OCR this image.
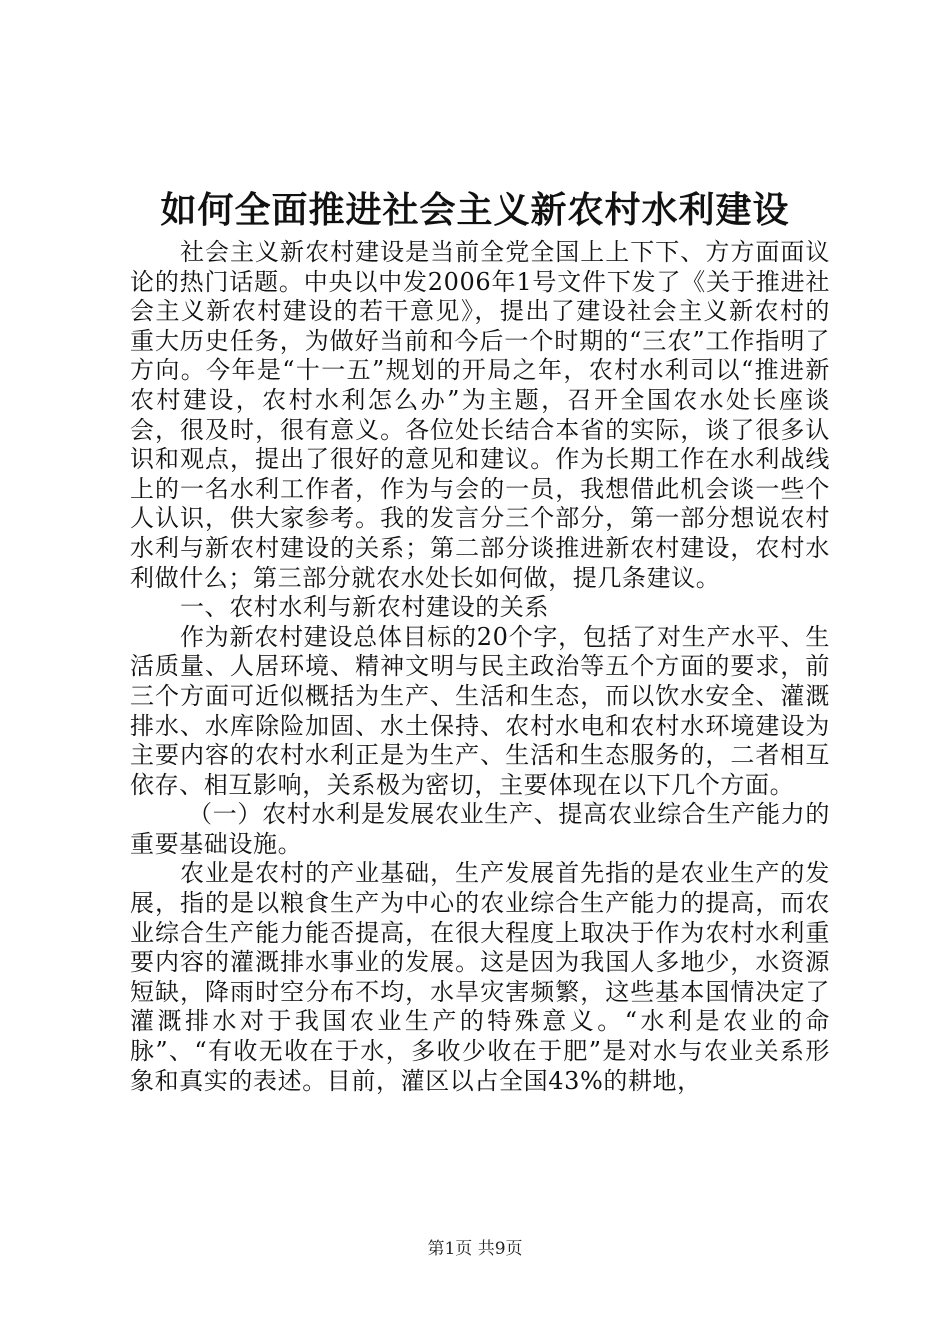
如何全面推进社会主义新农村水利建设

社会主义新农村建设是当前全党全国上上下下、方方面面议论的热门话题。中央以中发2006年1号文件下发了《关于推进社会主义新农村建设的若干意见》，提出了建设社会主义新农村的重大历史任务，为做好当前和今后一个时期的“三农”工作指明了方向。今年是“十一五”规划的开局之年，农村水利司以“推进新农村建设，农村水利怎么办”为主题，召开全国农水处长座谈会，很及时，很有意义。各位处长结合本省的实际，谈了很多认识和观点，提出了很好的意见和建议。作为长期工作在水利战线上的一名水利工作者，作为与会的一员，我想借此机会谈一些个人认识，供大家参考。我的发言分三个部分，第一部分想说农村水利与新农村建设的关系；第二部分谈推进新农村建设，农村水利做什么；第三部分就农水处长如何做，提几条建议。

一、农村水利与新农村建设的关系

作为新农村建设总体目标的20个字，包括了对生产水平、生活质量、人居环境、精神文明与民主政治等五个方面的要求，前三个方面可近似概括为生产、生活和生态，而以饮水安全、灌溉排水、水库除险加固、水土保持、农村水电和农村水环境建设为主要内容的农村水利正是为生产、生活和生态服务的，二者相互依存、相互影响，关系极为密切，主要体现在以下几个方面。

（一）农村水利是发展农业生产、提高农业综合生产能力的重要基础设施。

农业是农村的产业基础，生产发展首先指的是农业生产的发展，指的是以粮食生产为中心的农业综合生产能力的提高，而农业综合生产能力能否提高，在很大程度上取决于作为农村水利重要内容的灌溉排水事业的发展。这是因为我国人多地少，水资源短缺，降雨时空分布不均，水旱灾害频繁，这些基本国情决定了灌溉排水对于我国农业生产的特殊意义。“水利是农业的命脉”、“有收无收在于水，多收少收在于肥”是对水与农业关系形象和真实的表述。目前，灌区以占全国43%的耕地，

第1页 共9页
